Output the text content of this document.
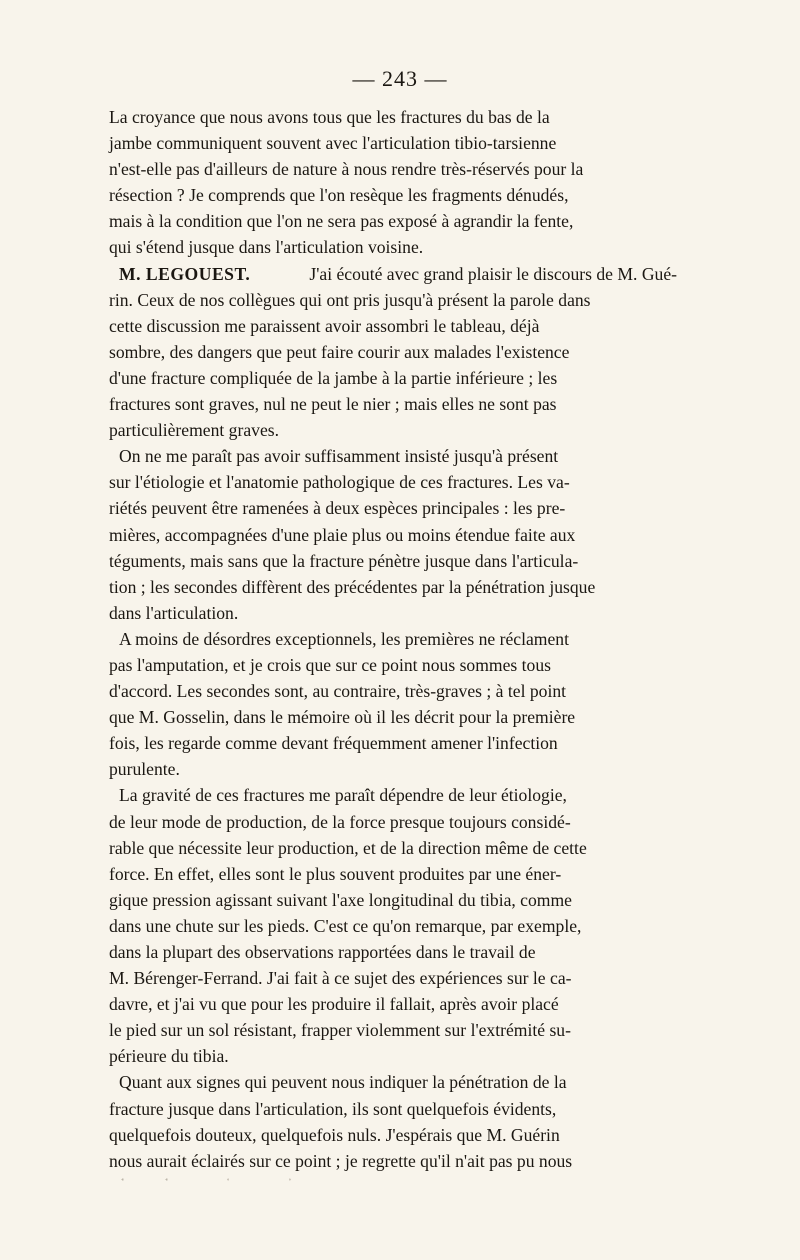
— 243 —
La croyance que nous avons tous que les fractures du bas de la
jambe communiquent souvent avec l'articulation tibio-tarsienne
n'est-elle pas d'ailleurs de nature à nous rendre très-réservés pour la
résection ? Je comprends que l'on resèque les fragments dénudés,
mais à la condition que l'on ne sera pas exposé à agrandir la fente,
qui s'étend jusque dans l'articulation voisine.
M. LEGOUEST.	J'ai écouté avec grand plaisir le discours de M. Gué-
rin. Ceux de nos collègues qui ont pris jusqu'à présent la parole dans
cette discussion me paraissent avoir assombri le tableau, déjà
sombre, des dangers que peut faire courir aux malades l'existence
d'une fracture compliquée de la jambe à la partie inférieure ; les
fractures sont graves, nul ne peut le nier ; mais elles ne sont pas
particulièrement graves.
On ne me paraît pas avoir suffisamment insisté jusqu'à présent
sur l'étiologie et l'anatomie pathologique de ces fractures. Les va-
riétés peuvent être ramenées à deux espèces principales : les pre-
mières, accompagnées d'une plaie plus ou moins étendue faite aux
téguments, mais sans que la fracture pénètre jusque dans l'articula-
tion ; les secondes diffèrent des précédentes par la pénétration jusque
dans l'articulation.
A moins de désordres exceptionnels, les premières ne réclament
pas l'amputation, et je crois que sur ce point nous sommes tous
d'accord. Les secondes sont, au contraire, très-graves ; à tel point
que M. Gosselin, dans le mémoire où il les décrit pour la première
fois, les regarde comme devant fréquemment amener l'infection
purulente.
La gravité de ces fractures me paraît dépendre de leur étiologie,
de leur mode de production, de la force presque toujours considé-
rable que nécessite leur production, et de la direction même de cette
force. En effet, elles sont le plus souvent produites par une éner-
gique pression agissant suivant l'axe longitudinal du tibia, comme
dans une chute sur les pieds. C'est ce qu'on remarque, par exemple,
dans la plupart des observations rapportées dans le travail de
M. Bérenger-Ferrand. J'ai fait à ce sujet des expériences sur le ca-
davre, et j'ai vu que pour les produire il fallait, après avoir placé
le pied sur un sol résistant, frapper violemment sur l'extrémité su-
périeure du tibia.
Quant aux signes qui peuvent nous indiquer la pénétration de la
fracture jusque dans l'articulation, ils sont quelquefois évidents,
quelquefois douteux, quelquefois nuls. J'espérais que M. Guérin
nous aurait éclairés sur ce point ; je regrette qu'il n'ait pas pu nous
